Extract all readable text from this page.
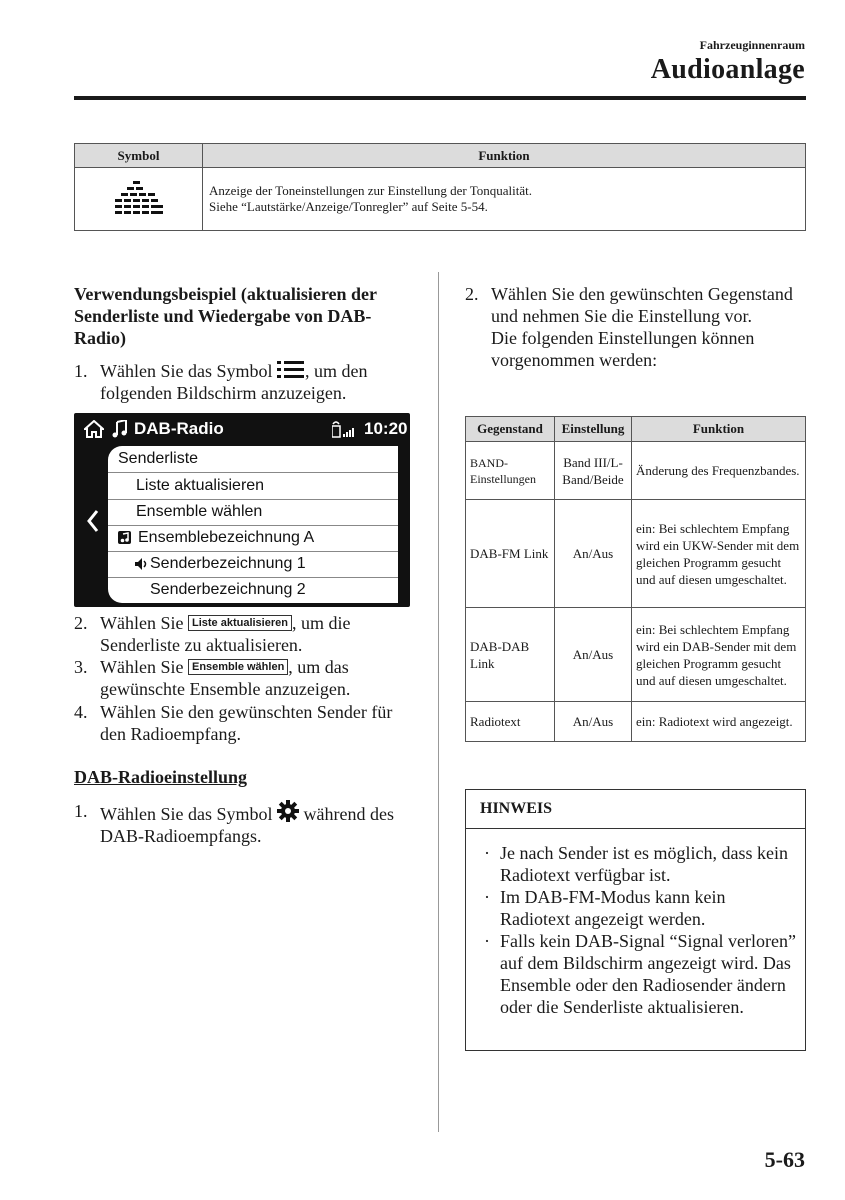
Fahrzeuginnenraum
Audioanlage
Symbol	Funktion

Anzeige der Toneinstellungen zur Einstellung der Tonqualität.
Siehe “Lautstärke/Anzeige/Tonregler” auf Seite 5-54.
Verwendungsbeispiel (aktualisieren der Senderliste und Wiedergabe von DAB-Radio)
1. Wählen Sie das Symbol , um den folgenden Bildschirm anzuzeigen.
DAB-Radio	10:20
Senderliste
Liste aktualisieren
Ensemble wählen
Ensemblebezeichnung A
Senderbezeichnung 1
Senderbezeichnung 2
2. Wählen Sie Liste aktualisieren , um die Senderliste zu aktualisieren.
3. Wählen Sie Ensemble wählen , um das gewünschte Ensemble anzuzeigen.
4. Wählen Sie den gewünschten Sender für den Radioempfang.
DAB-Radioeinstellung
1. Wählen Sie das Symbol  während des DAB-Radioempfangs.
2. Wählen Sie den gewünschten Gegenstand und nehmen Sie die Einstellung vor.
Die folgenden Einstellungen können vorgenommen werden:
Gegenstand	Einstellung	Funktion
BAND-Einstellungen	Band III/L-Band/Beide	Änderung des Frequenzbandes.
DAB-FM Link	An/Aus	ein: Bei schlechtem Empfang wird ein UKW-Sender mit dem gleichen Programm gesucht und auf diesen umgeschaltet.
DAB-DAB Link	An/Aus	ein: Bei schlechtem Empfang wird ein DAB-Sender mit dem gleichen Programm gesucht und auf diesen umgeschaltet.
Radiotext	An/Aus	ein: Radiotext wird angezeigt.
HINWEIS
· Je nach Sender ist es möglich, dass kein Radiotext verfügbar ist.
· Im DAB-FM-Modus kann kein Radiotext angezeigt werden.
· Falls kein DAB-Signal “Signal verloren” auf dem Bildschirm angezeigt wird. Das Ensemble oder den Radiosender ändern oder die Senderliste aktualisieren.
5-63
